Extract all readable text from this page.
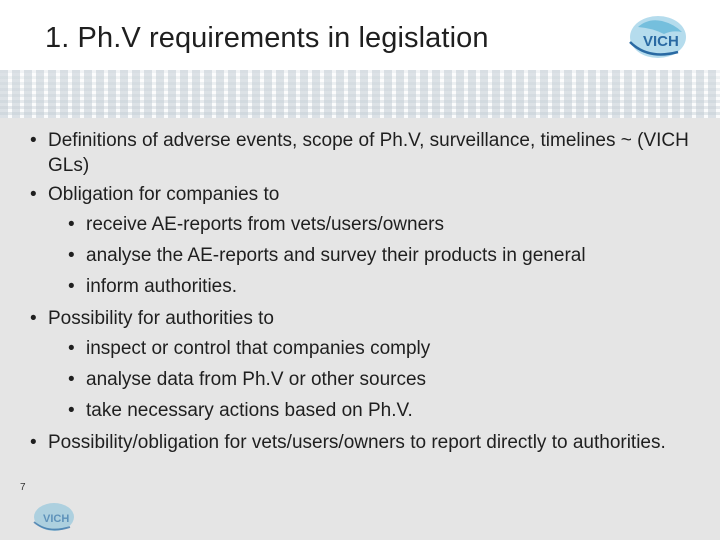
1. Ph.V requirements in legislation	VICH
• Definitions of adverse events, scope of Ph.V, surveillance, timelines ~ (VICH GLs)
• Obligation for companies to
• receive AE-reports from vets/users/owners
• analyse the AE-reports and survey their products in general
• inform authorities.
• Possibility for authorities to
• inspect or control that companies comply
• analyse data from Ph.V or other sources
• take necessary actions based on Ph.V.
• Possibility/obligation for vets/users/owners to report directly to authorities.
7
VICH
